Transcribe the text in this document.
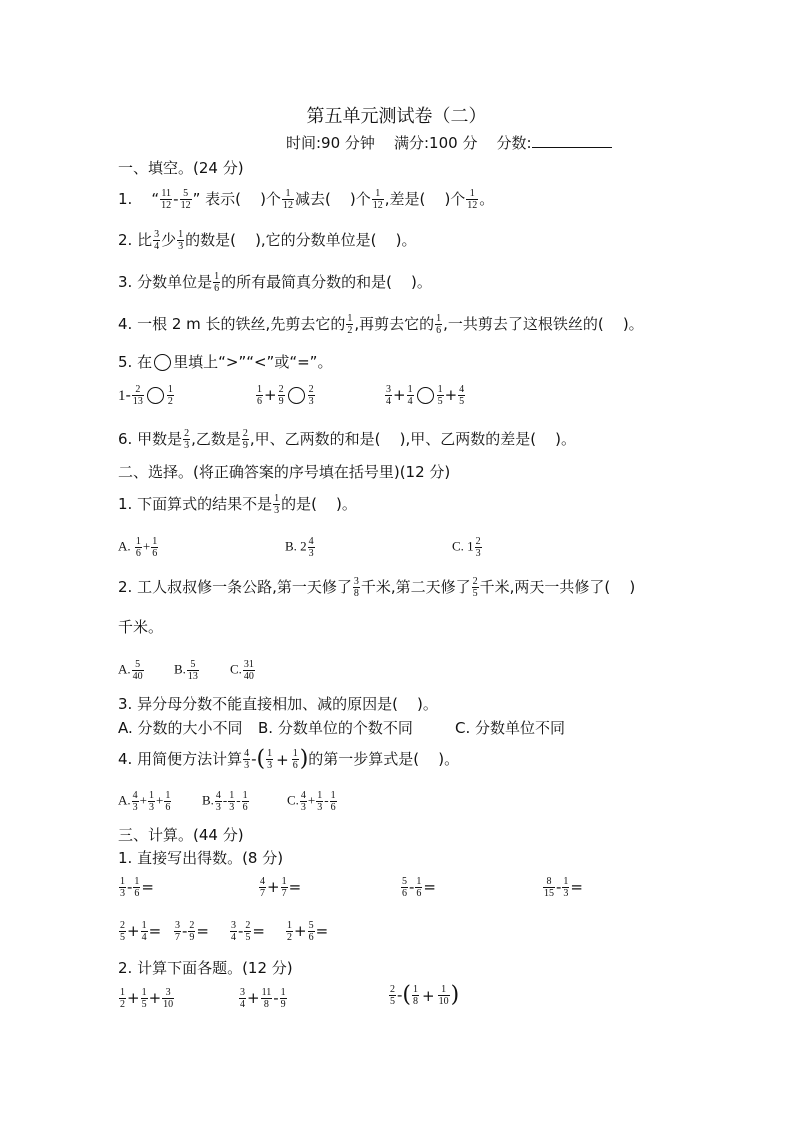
第五单元测试卷（二）
时间:90 分钟 满分:100 分 分数:
一、填空。(24 分)
1. “ $\frac{11}{12} - \frac{5}{12}$ ” 表示( )个 $\frac{1}{12}$ 减去( )个 $\frac{1}{12}$ ,差是( )个 $\frac{1}{12}$ 。
2. 比 $\frac{3}{4}$ 少 $\frac{1}{3}$ 的数是( ),它的分数单位是( )。
3. 分数单位是 $\frac{1}{6}$ 的所有最简真分数的和是( )。
4. 一根 2 m 长的铁丝,先剪去它的 $\frac{1}{2}$ ,再剪去它的 $\frac{1}{6}$ ,一共剪去了这根铁丝的( )。
5. 在 里填上“>”“<”或“=”。
$1- \frac{2}{13} \frac{1}{2}$	$\frac{1}{6} + \frac{2}{9} \frac{2}{3}$	$\frac{3}{4} + \frac{1}{4} \frac{1}{5} + \frac{4}{5}$
6. 甲数是 $\frac{2}{3}$ ,乙数是 $\frac{2}{9}$ ,甲、乙两数的和是( ),甲、乙两数的差是( )。
二、选择。(将正确答案的序号填在括号里)(12 分)
1. 下面算式的结果不是 $\frac{1}{3}$ 的是( )。
A. $\frac{1}{6} + \frac{1}{6}$	B. $2 \frac{4}{3}$	C. $1 \frac{2}{3}$
2. 工人叔叔修一条公路,第一天修了 $\frac{3}{8}$ 千米,第二天修了 $\frac{2}{5}$ 千米,两天一共修了( )
千米。
A. $\frac{5}{40} B$. $\frac{5}{13} C$. $\frac{31}{40}$
3. 异分母分数不能直接相加、减的原因是( )。
A. 分数的大小不同 B. 分数单位的个数不同	C. 分数单位不同
4. 用简便方法计算 $\frac{4}{3}$ -( $\frac{1}{3} + \frac{1}{6}$ )的第一步算式是( )。
A. $\frac{4}{3} + \frac{1}{3} + \frac{1}{6} B$. $\frac{4}{3} - \frac{1}{3} - \frac{1}{6}$	C. $\frac{4}{3} + \frac{1}{3} - \frac{1}{6}$
三、计算。(44 分)
1. 直接写出得数。(8 分)
$\frac{1}{3} - \frac{1}{6}$ =	$\frac{4}{7} + \frac{1}{7}$ =	$\frac{5}{6} - \frac{1}{6}$ =	$\frac{8}{15} - \frac{1}{3}$ =
$\frac{2}{5} + \frac{1}{4} = \frac{3}{7} - \frac{2}{9} = \frac{3}{4} - \frac{2}{5} = \frac{1}{2} + \frac{5}{6}$ =
2. 计算下面各题。(12 分)
$\frac{1}{2} + \frac{1}{5} + \frac{3}{10}$	$\frac{3}{4} + \frac{11}{8} - \frac{1}{9}$	$\frac{2}{5}$ -( $\frac{1}{8} + \frac{1}{10}$ )
